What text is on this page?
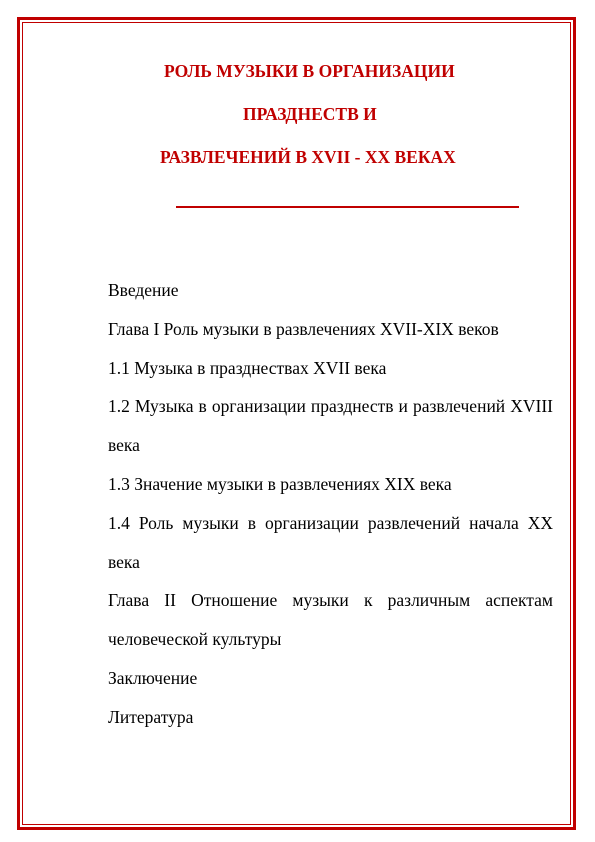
РОЛЬ МУЗЫКИ В ОРГАНИЗАЦИИ

ПРАЗДНЕСТВ И

РАЗВЛЕЧЕНИЙ В XVII - XX ВЕКАХ

Введение
Глава I Роль музыки в развлечениях XVII-XIX веков
1.1 Музыка в празднествах XVII века
1.2 Музыка в организации празднеств и развлечений XVIII века
1.3 Значение музыки в развлечениях XIX века
1.4 Роль музыки в организации развлечений начала XX века
Глава II Отношение музыки к различным аспектам человеческой культуры
Заключение
Литература
